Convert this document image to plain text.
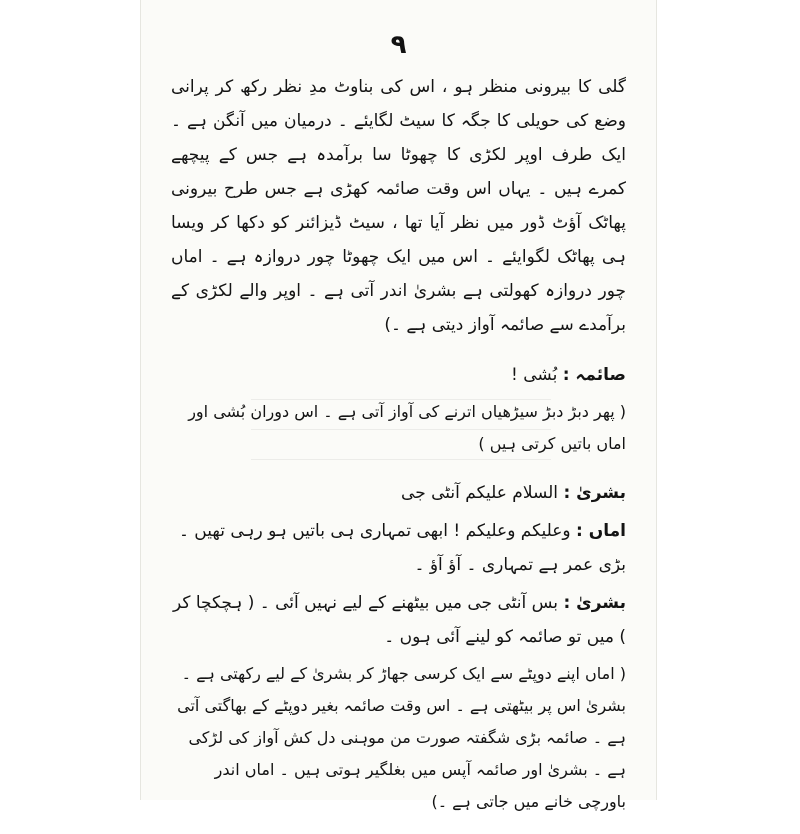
۹

گلی کا بیرونی منظر ہو ، اس کی بناوٹ مدِ نظر رکھ کر پرانی وضع کی حویلی کا جگہ کا سیٹ لگایئے ۔ درمیان میں آنگن ہے ۔ ایک طرف اوپر لکڑی کا چھوٹا سا برآمدہ ہے جس کے پیچھے کمرے ہیں ۔ یہاں اس وقت صائمہ کھڑی ہے جس طرح بیرونی پھاٹک آؤٹ ڈور میں نظر آیا تھا ، سیٹ ڈیزائنر کو دکھا کر ویسا ہی پھاٹک لگوایئے ۔ اس میں ایک چھوٹا چور دروازہ ہے ۔ اماں چور دروازہ کھولتی ہے بشریٰ اندر آتی ہے ۔ اوپر والے لکڑی کے برآمدے سے صائمہ آواز دیتی ہے ۔)

صائمہ : بُشی !

( پھر دبڑ دبڑ سیڑھیاں اترنے کی آواز آتی ہے ۔ اس دوران بُشی اور اماں باتیں کرتی ہیں )

بشریٰ : السلام علیکم آنٹی جی

اماں : وعلیکم وعلیکم ! ابھی تمہاری ہی باتیں ہو رہی تھیں ۔ بڑی عمر ہے تمہاری ۔ آؤ آؤ ۔

بشریٰ : بس آنٹی جی میں بیٹھنے کے لیے نہیں آئی ۔ ( ہچکچا کر ) میں تو صائمہ کو لینے آئی ہوں ۔

( اماں اپنے دوپٹے سے ایک کرسی جھاڑ کر بشریٰ کے لیے رکھتی ہے ۔ بشریٰ اس پر بیٹھتی ہے ۔ اس وقت صائمہ بغیر دوپٹے کے بھاگتی آتی ہے ۔ صائمہ بڑی شگفتہ صورت من موہنی دل کش آواز کی لڑکی ہے ۔ بشریٰ اور صائمہ آپس میں بغلگیر ہوتی ہیں ۔ اماں اندر باورچی خانے میں جاتی ہے ۔)
